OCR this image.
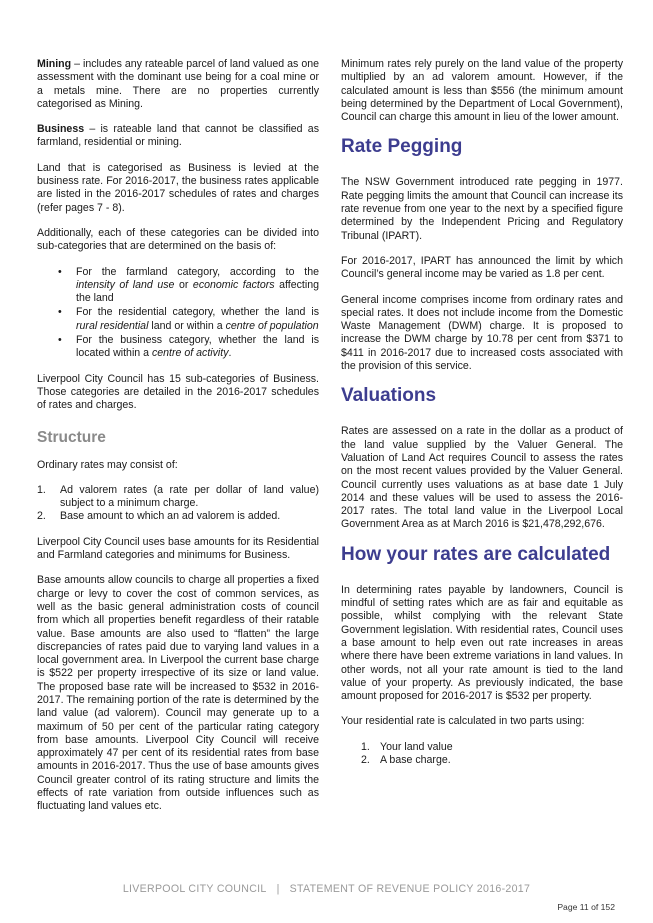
Mining – includes any rateable parcel of land valued as one assessment with the dominant use being for a coal mine or a metals mine. There are no properties currently categorised as Mining.

Business – is rateable land that cannot be classified as farmland, residential or mining.

Land that is categorised as Business is levied at the business rate. For 2016-2017, the business rates applicable are listed in the 2016-2017 schedules of rates and charges (refer pages 7 - 8).

Additionally, each of these categories can be divided into sub-categories that are determined on the basis of:

• For the farmland category, according to the intensity of land use or economic factors affecting the land
• For the residential category, whether the land is rural residential land or within a centre of population
• For the business category, whether the land is located within a centre of activity.

Liverpool City Council has 15 sub-categories of Business. Those categories are detailed in the 2016-2017 schedules of rates and charges.

Structure

Ordinary rates may consist of:

1. Ad valorem rates (a rate per dollar of land value) subject to a minimum charge.
2. Base amount to which an ad valorem is added.

Liverpool City Council uses base amounts for its Residential and Farmland categories and minimums for Business.

Base amounts allow councils to charge all properties a fixed charge or levy to cover the cost of common services, as well as the basic general administration costs of council from which all properties benefit regardless of their ratable value. Base amounts are also used to “flatten” the large discrepancies of rates paid due to varying land values in a local government area. In Liverpool the current base charge is $522 per property irrespective of its size or land value. The proposed base rate will be increased to $532 in 2016-2017. The remaining portion of the rate is determined by the land value (ad valorem). Council may generate up to a maximum of 50 per cent of the particular rating category from base amounts. Liverpool City Council will receive approximately 47 per cent of its residential rates from base amounts in 2016-2017. Thus the use of base amounts gives Council greater control of its rating structure and limits the effects of rate variation from outside influences such as fluctuating land values etc.

Minimum rates rely purely on the land value of the property multiplied by an ad valorem amount. However, if the calculated amount is less than $556 (the minimum amount being determined by the Department of Local Government), Council can charge this amount in lieu of the lower amount.

Rate Pegging

The NSW Government introduced rate pegging in 1977. Rate pegging limits the amount that Council can increase its rate revenue from one year to the next by a specified figure determined by the Independent Pricing and Regulatory Tribunal (IPART).

For 2016-2017, IPART has announced the limit by which Council’s general income may be varied as 1.8 per cent.

General income comprises income from ordinary rates and special rates. It does not include income from the Domestic Waste Management (DWM) charge. It is proposed to increase the DWM charge by 10.78 per cent from $371 to $411 in 2016-2017 due to increased costs associated with the provision of this service.

Valuations

Rates are assessed on a rate in the dollar as a product of the land value supplied by the Valuer General. The Valuation of Land Act requires Council to assess the rates on the most recent values provided by the Valuer General. Council currently uses valuations as at base date 1 July 2014 and these values will be used to assess the 2016-2017 rates. The total land value in the Liverpool Local Government Area as at March 2016 is $21,478,292,676.

How your rates are calculated

In determining rates payable by landowners, Council is mindful of setting rates which are as fair and equitable as possible, whilst complying with the relevant State Government legislation. With residential rates, Council uses a base amount to help even out rate increases in areas where there have been extreme variations in land values. In other words, not all your rate amount is tied to the land value of your property. As previously indicated, the base amount proposed for 2016-2017 is $532 per property.

Your residential rate is calculated in two parts using:

1. Your land value
2. A base charge.
LIVERPOOL CITY COUNCIL | STATEMENT OF REVENUE POLICY 2016-2017
Page 11 of 152
